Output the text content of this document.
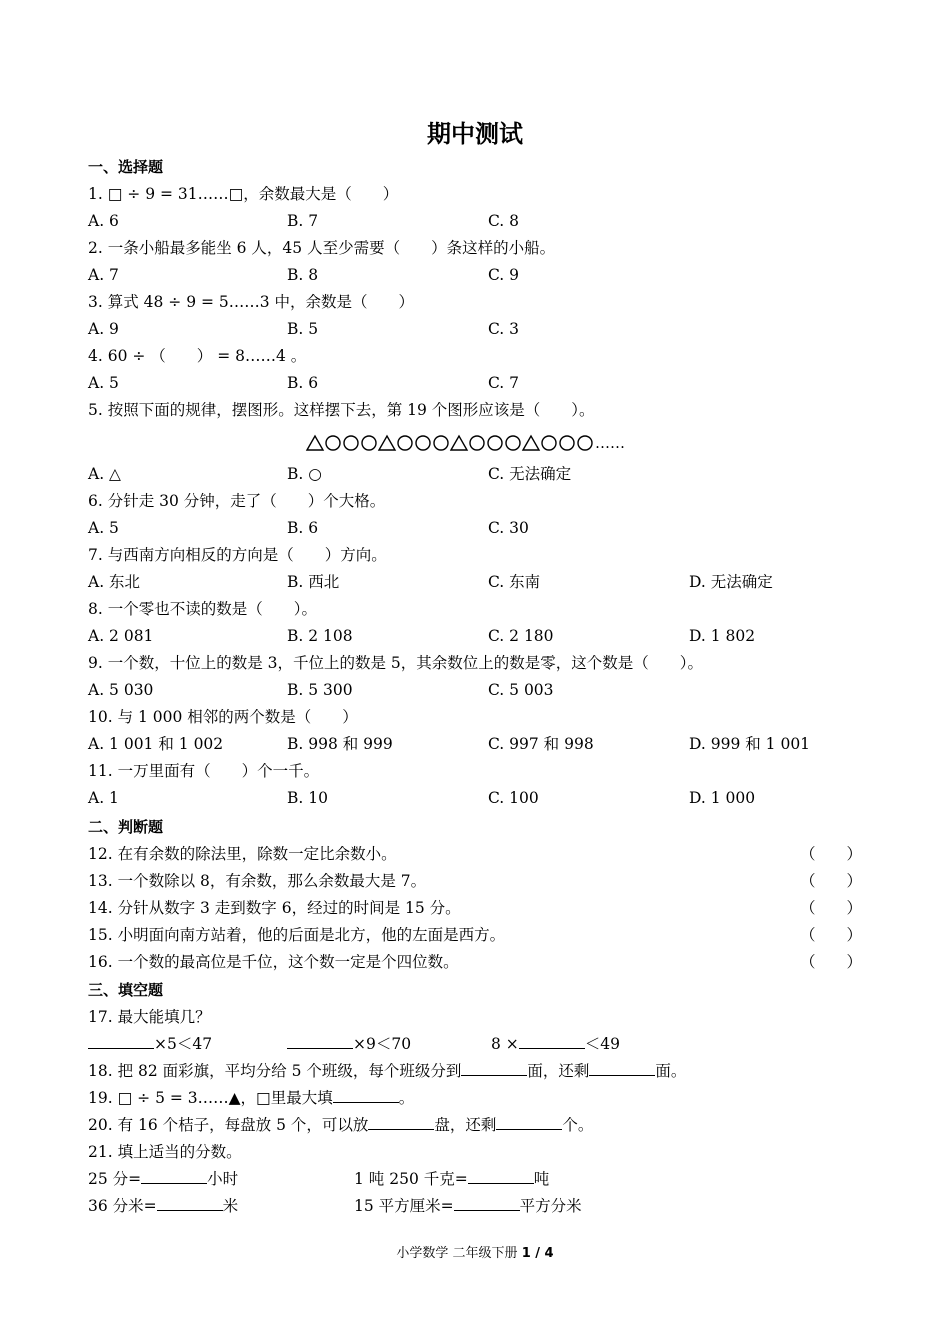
期中测试
一、选择题
1. □ ÷ 9 = 31……□，余数最大是（　　）
A. 6	B. 7	C. 8
2. 一条小船最多能坐 6 人，45 人至少需要（　　）条这样的小船。
A. 7	B. 8	C. 9
3. 算式 48 ÷ 9 = 5……3 中，余数是（　　）
A. 9	B. 5	C. 3
4. 60 ÷ （　　） = 8……4 。
A. 5	B. 6	C. 7
5. 按照下面的规律，摆图形。这样摆下去，第 19 个图形应该是（　　）。
……
A. △	B. ○	C. 无法确定
6. 分针走 30 分钟，走了（　　）个大格。
A. 5	B. 6	C. 30
7. 与西南方向相反的方向是（　　）方向。
A. 东北	B. 西北	C. 东南	D. 无法确定
8. 一个零也不读的数是（　　）。
A. 2 081	B. 2 108	C. 2 180	D. 1 802
9. 一个数，十位上的数是 3，千位上的数是 5，其余数位上的数是零，这个数是（　　）。
A. 5 030	B. 5 300	C. 5 003
10. 与 1 000 相邻的两个数是（　　）
A. 1 001 和 1 002	B. 998 和 999	C. 997 和 998	D. 999 和 1 001
11. 一万里面有（　　）个一千。
A. 1	B. 10	C. 100	D. 1 000
二、判断题
12. 在有余数的除法里，除数一定比余数小。	（　　）
13. 一个数除以 8，有余数，那么余数最大是 7。	（　　）
14. 分针从数字 3 走到数字 6，经过的时间是 15 分。	（　　）
15. 小明面向南方站着，他的后面是北方，他的左面是西方。	（　　）
16. 一个数的最高位是千位，这个数一定是个四位数。	（　　）
三、填空题
17. 最大能填几？
×5＜47	×9＜70	8 ×	＜49
18. 把 82 面彩旗，平均分给 5 个班级，每个班级分到	面，还剩	面。
19. □ ÷ 5 = 3……▲，□里最大填	。
20. 有 16 个桔子，每盘放 5 个，可以放	盘，还剩	个。
21. 填上适当的分数。
25 分=	小时	1 吨 250 千克=	吨
36 分米=	米	15 平方厘米=	平方分米
小学数学 二年级下册 1 / 4
